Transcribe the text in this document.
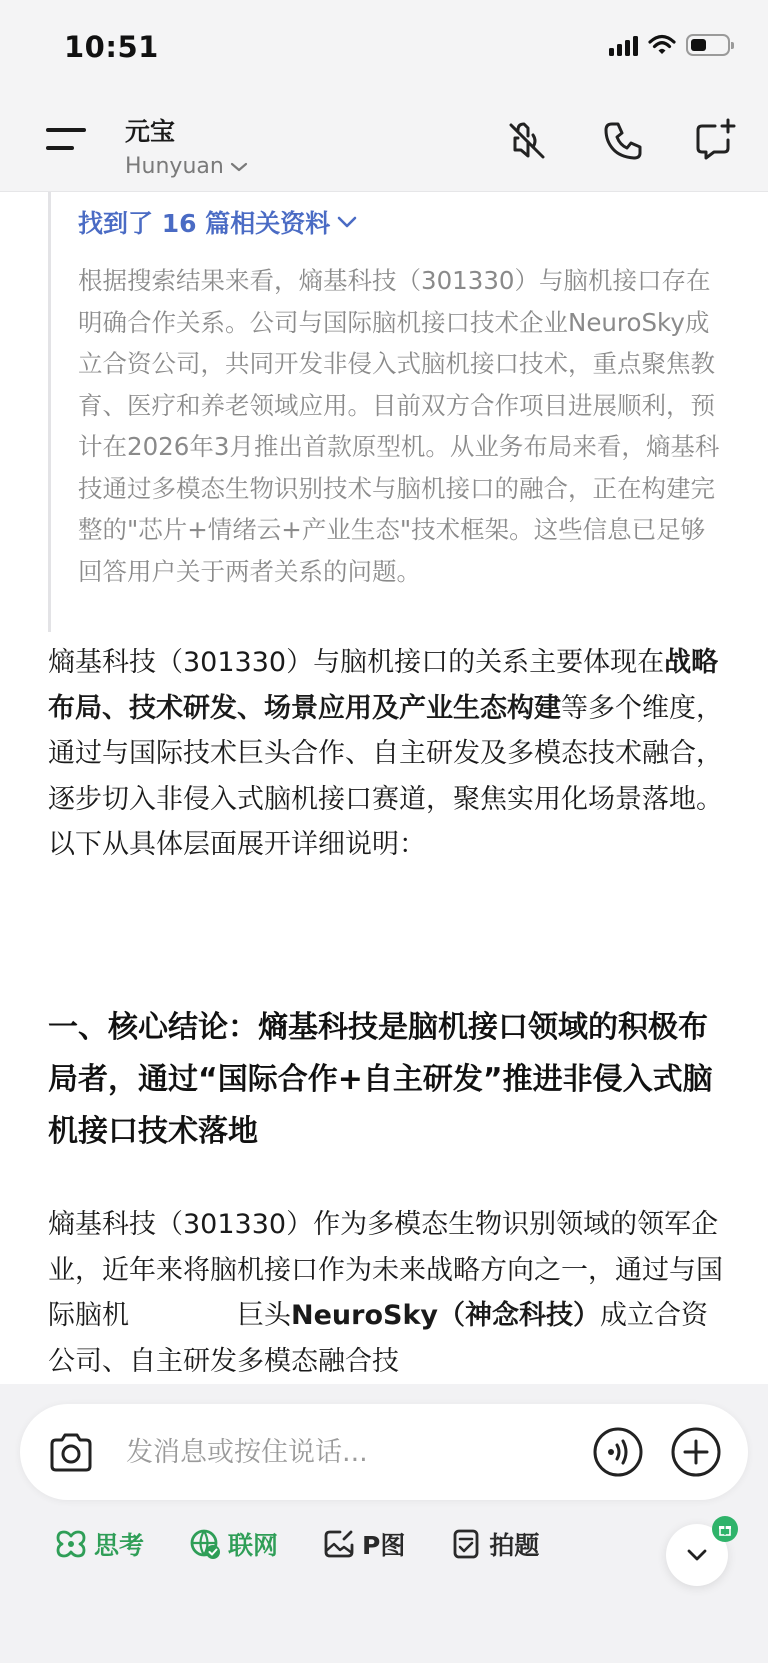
10:51
元宝
Hunyuan
找到了 16 篇相关资料
根据搜索结果来看，熵基科技（301330）与脑机接口存在明确合作关系。公司与国际脑机接口技术企业NeuroSky成立合资公司，共同开发非侵入式脑机接口技术，重点聚焦教育、医疗和养老领域应用。目前双方合作项目进展顺利，预计在2026年3月推出首款原型机。从业务布局来看，熵基科技通过多模态生物识别技术与脑机接口的融合，正在构建完整的"芯片+情绪云+产业生态"技术框架。这些信息已足够回答用户关于两者关系的问题。
熵基科技（301330）与脑机接口的关系主要体现在战略布局、技术研发、场景应用及产业生态构建等多个维度，通过与国际技术巨头合作、自主研发及多模态技术融合，逐步切入非侵入式脑机接口赛道，聚焦实用化场景落地。以下从具体层面展开详细说明：
一、核心结论：熵基科技是脑机接口领域的积极布局者，通过“国际合作+自主研发”推进非侵入式脑机接口技术落地
熵基科技（301330）作为多模态生物识别领域的领军企业，近年来将脑机接口作为未来战略方向之一，通过与国际脑机	巨头NeuroSky（神念科技）成立合资公司、自主研发多模态融合技
发消息或按住说话...
思考	联网	P图	拍题
